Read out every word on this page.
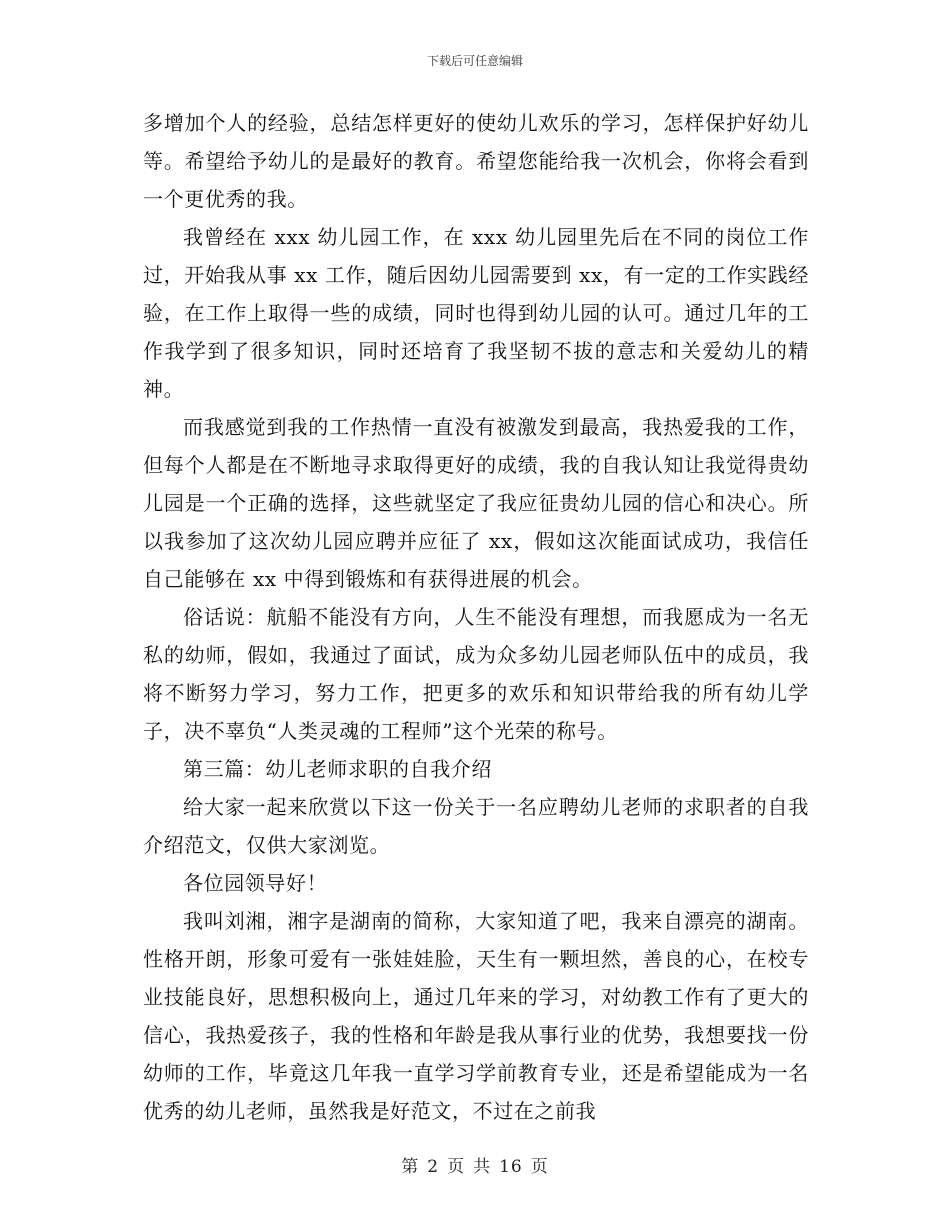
下载后可任意编辑

多增加个人的经验，总结怎样更好的使幼儿欢乐的学习，怎样保护好幼儿等。希望给予幼儿的是最好的教育。希望您能给我一次机会，你将会看到一个更优秀的我。

我曾经在 xxx 幼儿园工作，在 xxx 幼儿园里先后在不同的岗位工作过，开始我从事 xx 工作，随后因幼儿园需要到 xx，有一定的工作实践经验，在工作上取得一些的成绩，同时也得到幼儿园的认可。通过几年的工作我学到了很多知识，同时还培育了我坚韧不拔的意志和关爱幼儿的精神。

而我感觉到我的工作热情一直没有被激发到最高，我热爱我的工作，但每个人都是在不断地寻求取得更好的成绩，我的自我认知让我觉得贵幼儿园是一个正确的选择，这些就坚定了我应征贵幼儿园的信心和决心。所以我参加了这次幼儿园应聘并应征了 xx，假如这次能面试成功，我信任自己能够在 xx 中得到锻炼和有获得进展的机会。

俗话说：航船不能没有方向，人生不能没有理想，而我愿成为一名无私的幼师，假如，我通过了面试，成为众多幼儿园老师队伍中的成员，我将不断努力学习，努力工作，把更多的欢乐和知识带给我的所有幼儿学子，决不辜负“人类灵魂的工程师”这个光荣的称号。

第三篇：幼儿老师求职的自我介绍

给大家一起来欣赏以下这一份关于一名应聘幼儿老师的求职者的自我介绍范文，仅供大家浏览。

各位园领导好！

我叫刘湘，湘字是湖南的简称，大家知道了吧，我来自漂亮的湖南。性格开朗，形象可爱有一张娃娃脸，天生有一颗坦然，善良的心，在校专业技能良好，思想积极向上，通过几年来的学习，对幼教工作有了更大的信心，我热爱孩子，我的性格和年龄是我从事行业的优势，我想要找一份幼师的工作，毕竟这几年我一直学习学前教育专业，还是希望能成为一名优秀的幼儿老师，虽然我是好范文，不过在之前我

第 2 页 共 16 页
